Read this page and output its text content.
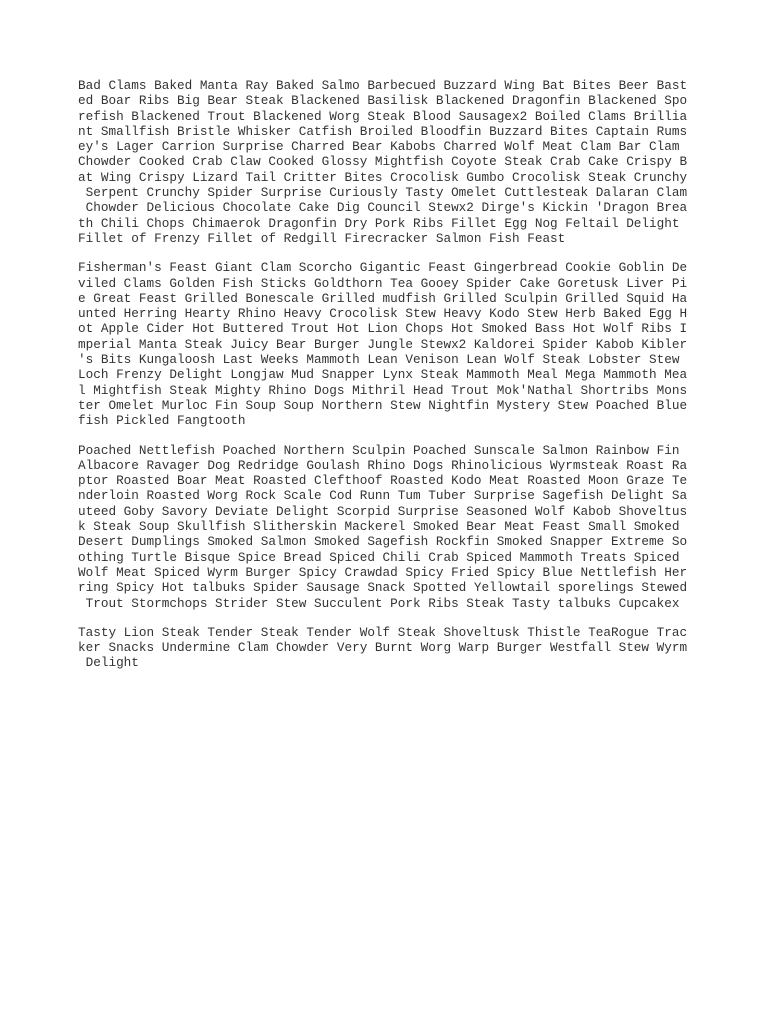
Bad Clams Baked Manta Ray Baked Salmo Barbecued Buzzard Wing Bat Bites Beer Bast
ed Boar Ribs Big Bear Steak Blackened Basilisk Blackened Dragonfin Blackened Spo
refish Blackened Trout Blackened Worg Steak Blood Sausagex2 Boiled Clams Brillia
nt Smallfish Bristle Whisker Catfish Broiled Bloodfin Buzzard Bites Captain Rums
ey's Lager Carrion Surprise Charred Bear Kabobs Charred Wolf Meat Clam Bar Clam
Chowder Cooked Crab Claw Cooked Glossy Mightfish Coyote Steak Crab Cake Crispy B
at Wing Crispy Lizard Tail Critter Bites Crocolisk Gumbo Crocolisk Steak Crunchy
Serpent Crunchy Spider Surprise Curiously Tasty Omelet Cuttlesteak Dalaran Clam
Chowder Delicious Chocolate Cake Dig Council Stewx2 Dirge's Kickin 'Dragon Brea
th Chili Chops Chimaerok Dragonfin Dry Pork Ribs Fillet Egg Nog Feltail Delight
Fillet of Frenzy Fillet of Redgill Firecracker Salmon Fish Feast
Fisherman's Feast Giant Clam Scorcho Gigantic Feast Gingerbread Cookie Goblin De
viled Clams Golden Fish Sticks Goldthorn Tea Gooey Spider Cake Goretusk Liver Pi
e Great Feast Grilled Bonescale Grilled mudfish Grilled Sculpin Grilled Squid Ha
unted Herring Hearty Rhino Heavy Crocolisk Stew Heavy Kodo Stew Herb Baked Egg H
ot Apple Cider Hot Buttered Trout Hot Lion Chops Hot Smoked Bass Hot Wolf Ribs I
mperial Manta Steak Juicy Bear Burger Jungle Stewx2 Kaldorei Spider Kabob Kibler
's Bits Kungaloosh Last Weeks Mammoth Lean Venison Lean Wolf Steak Lobster Stew
Loch Frenzy Delight Longjaw Mud Snapper Lynx Steak Mammoth Meal Mega Mammoth Mea
l Mightfish Steak Mighty Rhino Dogs Mithril Head Trout Mok'Nathal Shortribs Mons
ter Omelet Murloc Fin Soup Soup Northern Stew Nightfin Mystery Stew Poached Blue
fish Pickled Fangtooth
Poached Nettlefish Poached Northern Sculpin Poached Sunscale Salmon Rainbow Fin
Albacore Ravager Dog Redridge Goulash Rhino Dogs Rhinolicious Wyrmsteak Roast Ra
ptor Roasted Boar Meat Roasted Clefthoof Roasted Kodo Meat Roasted Moon Graze Te
nderloin Roasted Worg Rock Scale Cod Runn Tum Tuber Surprise Sagefish Delight Sa
uteed Goby Savory Deviate Delight Scorpid Surprise Seasoned Wolf Kabob Shoveltus
k Steak Soup Skullfish Slitherskin Mackerel Smoked Bear Meat Feast Small Smoked
Desert Dumplings Smoked Salmon Smoked Sagefish Rockfin Smoked Snapper Extreme So
othing Turtle Bisque Spice Bread Spiced Chili Crab Spiced Mammoth Treats Spiced
Wolf Meat Spiced Wyrm Burger Spicy Crawdad Spicy Fried Spicy Blue Nettlefish Her
ring Spicy Hot talbuks Spider Sausage Snack Spotted Yellowtail sporelings Stewed
Trout Stormchops Strider Stew Succulent Pork Ribs Steak Tasty talbuks Cupcakex
Tasty Lion Steak Tender Steak Tender Wolf Steak Shoveltusk Thistle TeaRogue Trac
ker Snacks Undermine Clam Chowder Very Burnt Worg Warp Burger Westfall Stew Wyrm
Delight
